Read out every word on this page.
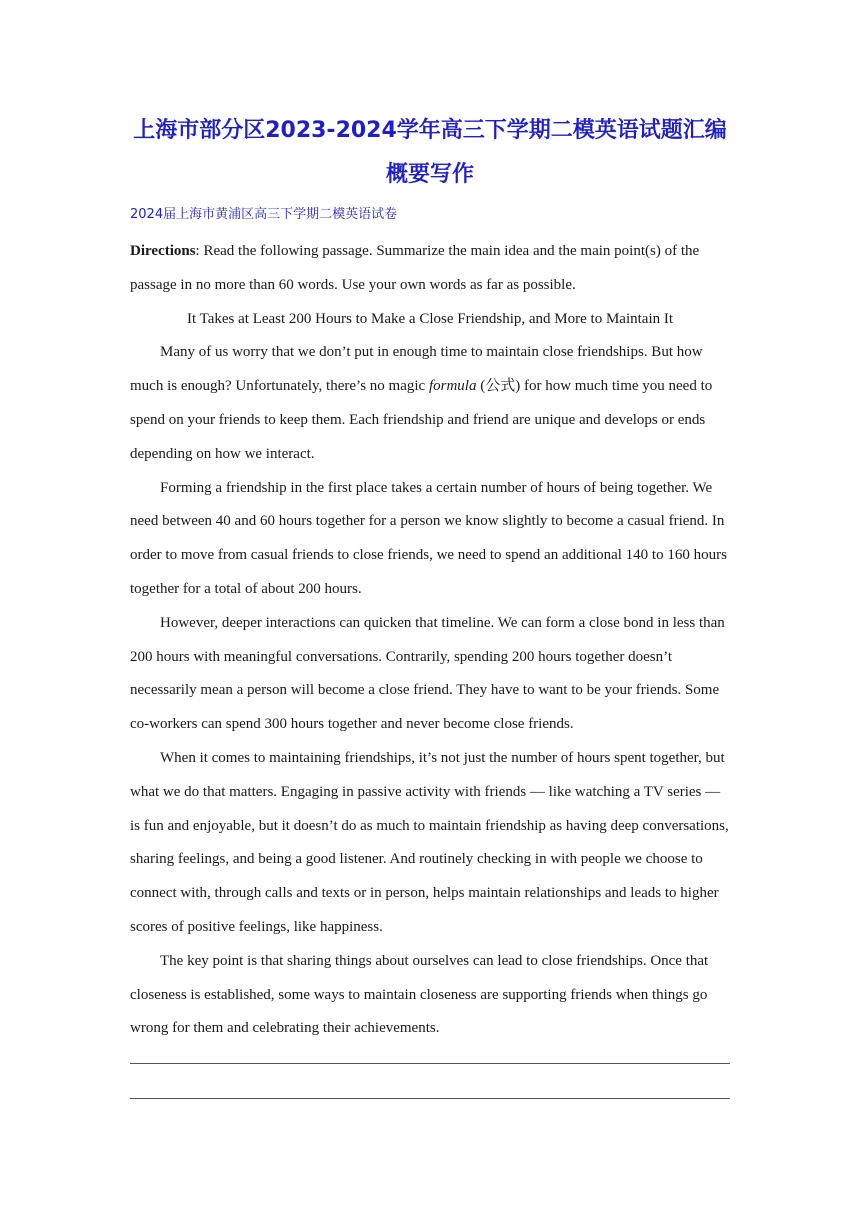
上海市部分区2023-2024学年高三下学期二模英语试题汇编
概要写作
2024届上海市黄浦区高三下学期二模英语试卷

Directions: Read the following passage. Summarize the main idea and the main point(s) of the passage in no more than 60 words. Use your own words as far as possible.

It Takes at Least 200 Hours to Make a Close Friendship, and More to Maintain It

Many of us worry that we don’t put in enough time to maintain close friendships. But how much is enough? Unfortunately, there’s no magic formula (公式) for how much time you need to spend on your friends to keep them. Each friendship and friend are unique and develops or ends depending on how we interact.

Forming a friendship in the first place takes a certain number of hours of being together. We need between 40 and 60 hours together for a person we know slightly to become a casual friend. In order to move from casual friends to close friends, we need to spend an additional 140 to 160 hours together for a total of about 200 hours.

However, deeper interactions can quicken that timeline. We can form a close bond in less than 200 hours with meaningful conversations. Contrarily, spending 200 hours together doesn’t necessarily mean a person will become a close friend. They have to want to be your friends. Some co-workers can spend 300 hours together and never become close friends.

When it comes to maintaining friendships, it’s not just the number of hours spent together, but what we do that matters. Engaging in passive activity with friends — like watching a TV series — is fun and enjoyable, but it doesn’t do as much to maintain friendship as having deep conversations, sharing feelings, and being a good listener. And routinely checking in with people we choose to connect with, through calls and texts or in person, helps maintain relationships and leads to higher scores of positive feelings, like happiness.

The key point is that sharing things about ourselves can lead to close friendships. Once that closeness is established, some ways to maintain closeness are supporting friends when things go wrong for them and celebrating their achievements.
